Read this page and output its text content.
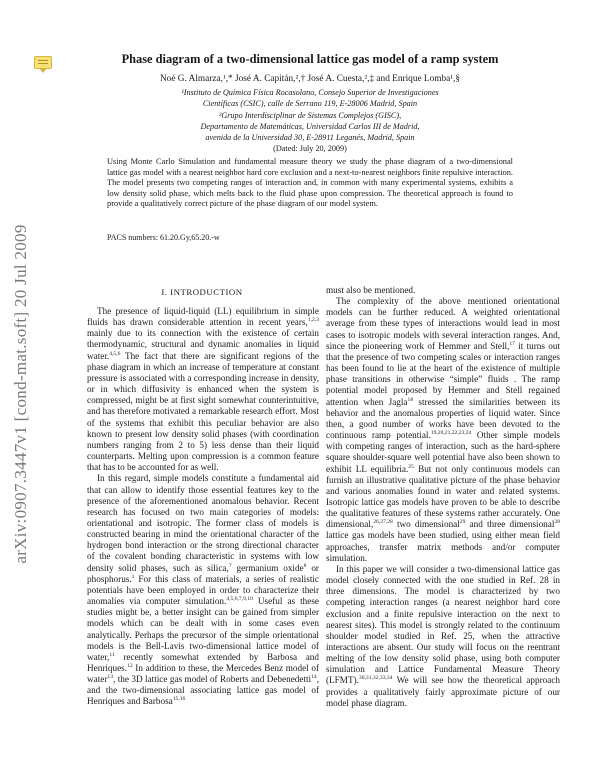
arXiv:0907.3447v1 [cond-mat.soft] 20 Jul 2009
Phase diagram of a two-dimensional lattice gas model of a ramp system
Noé G. Almarza,¹,* José A. Capitán,²,† José A. Cuesta,²,‡ and Enrique Lomba¹,§
¹Instituto de Química Física Rocasolano, Consejo Superior de Investigaciones
Científicas (CSIC), calle de Serrano 119, E-28006 Madrid, Spain
²Grupo Interdisciplinar de Sistemas Complejos (GISC),
Departamento de Matemáticas, Universidad Carlos III de Madrid,
avenida de la Universidad 30, E-28911 Leganés, Madrid, Spain
(Dated: July 20, 2009)
Using Monte Carlo Simulation and fundamental measure theory we study the phase diagram of a two-dimensional lattice gas model with a nearest neighbor hard core exclusion and a next-to-nearest neighbors finite repulsive interaction. The model presents two competing ranges of interaction and, in common with many experimental systems, exhibits a low density solid phase, which melts back to the fluid phase upon compression. The theoretical approach is found to provide a qualitatively correct picture of the phase diagram of our model system.
PACS numbers: 61.20.Gy,65.20.-w
I. INTRODUCTION

The presence of liquid-liquid (LL) equilibrium in simple fluids has drawn considerable attention in recent years,$^{1,2,3}$ mainly due to its connection with the existence of certain thermodynamic, structural and dynamic anomalies in liquid water.$^{4,5,6}$ The fact that there are significant regions of the phase diagram in which an increase of temperature at constant pressure is associated with a corresponding increase in density, or in which diffusivity is enhanced when the system is compressed, might be at first sight somewhat counterintuitive, and has therefore motivated a remarkable research effort. Most of the systems that exhibit this peculiar behavior are also known to present low density solid phases (with coordination numbers ranging from 2 to 5) less dense than their liquid counterparts. Melting upon compression is a common feature that has to be accounted for as well.

In this regard, simple models constitute a fundamental aid that can allow to identify those essential features key to the presence of the aforementioned anomalous behavior. Recent research has focused on two main categories of models: orientational and isotropic. The former class of models is constructed bearing in mind the orientational character of the hydrogen bond interaction or the strong directional character of the covalent bonding characteristic in systems with low density solid phases, such as silica,$^7$ germanium oxide$^8$ or phosphorus.$^1$ For this class of materials, a series of realistic potentials have been employed in order to characterize their anomalies via computer simulation.$^{4,5,6,7,9,10}$ Useful as these studies might be, a better insight can be gained from simpler models which can be dealt with in some cases even analytically. Perhaps the precursor of the simple orientational models is the Bell-Lavis two-dimensional lattice model of water,$^{11}$ recently somewhat extended by Barbosa and Henriques.$^{12}$ In addition to these, the Mercedes Benz model of water$^{13}$, the 3D lattice gas model of Roberts and Debenedetti$^{14}$, and the two-dimensional associating lattice gas model of Henriques and Barbosa$^{15,16}$

must also be mentioned.

The complexity of the above mentioned orientational models can be further reduced. A weighted orientational average from these types of interactions would lead in most cases to isotropic models with several interaction ranges. And, since the pioneering work of Hemmer and Stell,$^{17}$ it turns out that the presence of two competing scales or interaction ranges has been found to lie at the heart of the existence of multiple phase transitions in otherwise “simple” fluids . The ramp potential model proposed by Hemmer and Stell regained attention when Jagla$^{18}$ stressed the similarities between its behavior and the anomalous properties of liquid water. Since then, a good number of works have been devoted to the continuous ramp potential.$^{19,20,21,22,23,24}$ Other simple models with competing ranges of interaction, such as the hard-sphere square shoulder-square well potential have also been shown to exhibit LL equilibria.$^{25}$ But not only continuous models can furnish an illustrative qualitative picture of the phase behavior and various anomalies found in water and related systems. Isotropic lattice gas models have proven to be able to describe the qualitative features of these systems rather accurately. One dimensional,$^{26,27,28}$ two dimensional$^{29}$ and three dimensional$^{28}$ lattice gas models have been studied, using either mean field approaches, transfer matrix methods and/or computer simulation.

In this paper we will consider a two-dimensional lattice gas model closely connected with the one studied in Ref. 28 in three dimensions. The model is characterized by two competing interaction ranges (a nearest neighbor hard core exclusion and a finite repulsive interaction on the next to nearest sites). This model is strongly related to the continuum shoulder model studied in Ref. 25, when the attractive interactions are absent. Our study will focus on the reentrant melting of the low density solid phase, using both computer simulation and Lattice Fundamental Measure Theory (LFMT).$^{30,31,32,33,34}$ We will see how the theoretical approach provides a qualitatively fairly approximate picture of our model phase diagram.
